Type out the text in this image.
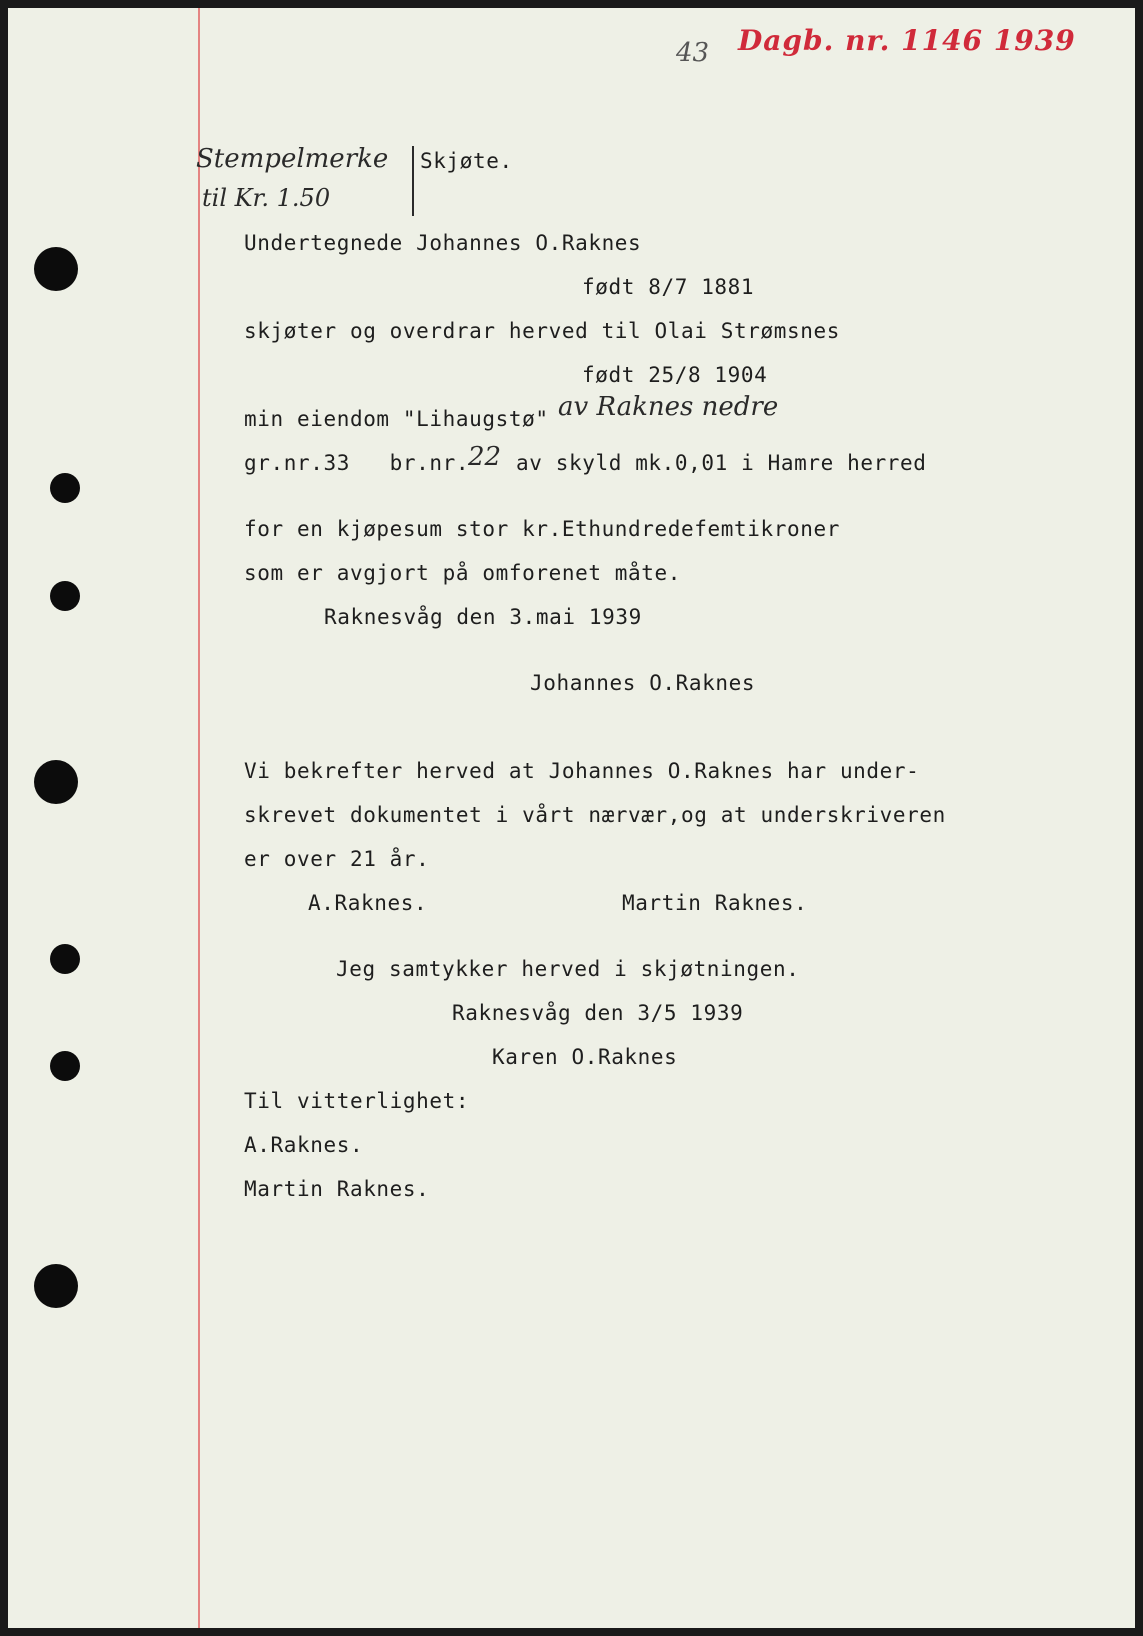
43 Dagb. nr. 1146 1939
Stempelmerke
til Kr. 1.50
Skjøte.
Undertegnede Johannes O.Raknes
født 8/7 1881
skjøter og overdrar herved til Olai Strømsnes
født 25/8 1904
min eiendom "Lihaugstø" av Raknes nedre
gr.nr.33   br.nr.
22 av skyld mk.0,01 i Hamre herred
for en kjøpesum stor kr.Ethundredefemtikroner
som er avgjort på omforenet måte.
Raknesvåg den 3.mai 1939
Johannes O.Raknes
Vi bekrefter herved at Johannes O.Raknes har under-
skrevet dokumentet i vårt nærvær,og at underskriveren
er over 21 år.
A.Raknes.	Martin Raknes.
Jeg samtykker herved i skjøtningen.
Raknesvåg den 3/5 1939
Karen O.Raknes
Til vitterlighet:
A.Raknes.
Martin Raknes.
